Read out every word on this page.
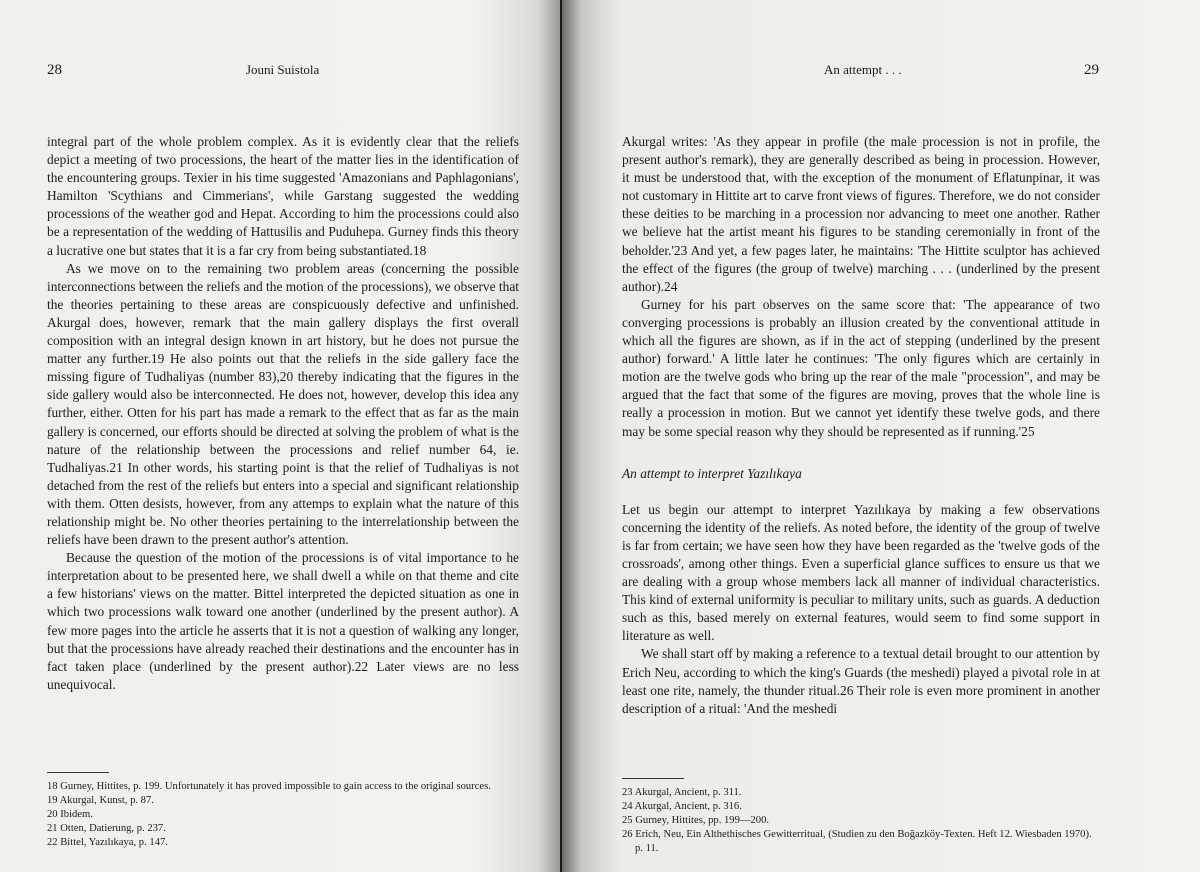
28	Jouni Suistola

integral part of the whole problem complex. As it is evidently clear that the reliefs depict a meeting of two processions, the heart of the matter lies in the identification of the encountering groups. Texier in his time suggested 'Amazonians and Paphlagonians', Hamilton 'Scythians and Cimmerians', while Garstang suggested the wedding processions of the weather god and Hepat. According to him the processions could also be a representation of the wedding of Hattusilis and Puduhepa. Gurney finds this theory a lucrative one but states that it is a far cry from being substantiated.18

As we move on to the remaining two problem areas (concerning the possible interconnections between the reliefs and the motion of the processions), we observe that the theories pertaining to these areas are conspicuously defective and unfinished. Akurgal does, however, remark that the main gallery displays the first overall composition with an integral design known in art history, but he does not pursue the matter any further.19 He also points out that the reliefs in the side gallery face the missing figure of Tudhaliyas (number 83),20 thereby indicating that the figures in the side gallery would also be interconnected. He does not, however, develop this idea any further, either. Otten for his part has made a remark to the effect that as far as the main gallery is concerned, our efforts should be directed at solving the problem of what is the nature of the relationship between the processions and relief number 64, ie. Tudhaliyas.21 In other words, his starting point is that the relief of Tudhaliyas is not detached from the rest of the reliefs but enters into a special and significant relationship with them. Otten desists, however, from any attemps to explain what the nature of this relationship might be. No other theories pertaining to the interrelationship between the reliefs have been drawn to the present author's attention.

Because the question of the motion of the processions is of vital importance to he interpretation about to be presented here, we shall dwell a while on that theme and cite a few historians' views on the matter. Bittel interpreted the depicted situation as one in which two processions walk toward one another (underlined by the present author). A few more pages into the article he asserts that it is not a question of walking any longer, but that the processions have already reached their destinations and the encounter has in fact taken place (underlined by the present author).22 Later views are no less unequivocal.

18 Gurney, Hittites, p. 199. Unfortunately it has proved impossible to gain access to the original sources.

19 Akurgal, Kunst, p. 87.

20 Ibidem.

21 Otten, Datierung, p. 237.

22 Bittel, Yazılıkaya, p. 147.

An attempt . . .	29

Akurgal writes: 'As they appear in profile (the male procession is not in profile, the present author's remark), they are generally described as being in procession. However, it must be understood that, with the exception of the monument of Eflatunpinar, it was not customary in Hittite art to carve front views of figures. Therefore, we do not consider these deities to be marching in a procession nor advancing to meet one another. Rather we believe hat the artist meant his figures to be standing ceremonially in front of the beholder.'23 And yet, a few pages later, he maintains: 'The Hittite sculptor has achieved the effect of the figures (the group of twelve) marching . . . (underlined by the present author).24

Gurney for his part observes on the same score that: 'The appearance of two converging processions is probably an illusion created by the conventional attitude in which all the figures are shown, as if in the act of stepping (underlined by the present author) forward.' A little later he continues: 'The only figures which are certainly in motion are the twelve gods who bring up the rear of the male "procession", and may be argued that the fact that some of the figures are moving, proves that the whole line is really a procession in motion. But we cannot yet identify these twelve gods, and there may be some special reason why they should be represented as if running.'25

An attempt to interpret Yazılıkaya

Let us begin our attempt to interpret Yazılıkaya by making a few observations concerning the identity of the reliefs. As noted before, the identity of the group of twelve is far from certain; we have seen how they have been regarded as the 'twelve gods of the crossroads', among other things. Even a superficial glance suffices to ensure us that we are dealing with a group whose members lack all manner of individual characteristics. This kind of external uniformity is peculiar to military units, such as guards. A deduction such as this, based merely on external features, would seem to find some support in literature as well.

We shall start off by making a reference to a textual detail brought to our attention by Erich Neu, according to which the king's Guards (the meshedi) played a pivotal role in at least one rite, namely, the thunder ritual.26 Their role is even more prominent in another description of a ritual: 'And the meshedi

23 Akurgal, Ancient, p. 311.

24 Akurgal, Ancient, p. 316.

25 Gurney, Hittites, pp. 199—200.

26 Erich, Neu, Ein Althethisches Gewitterritual, (Studien zu den Boğazköy-Texten. Heft 12. Wiesbaden 1970). p. 11.
